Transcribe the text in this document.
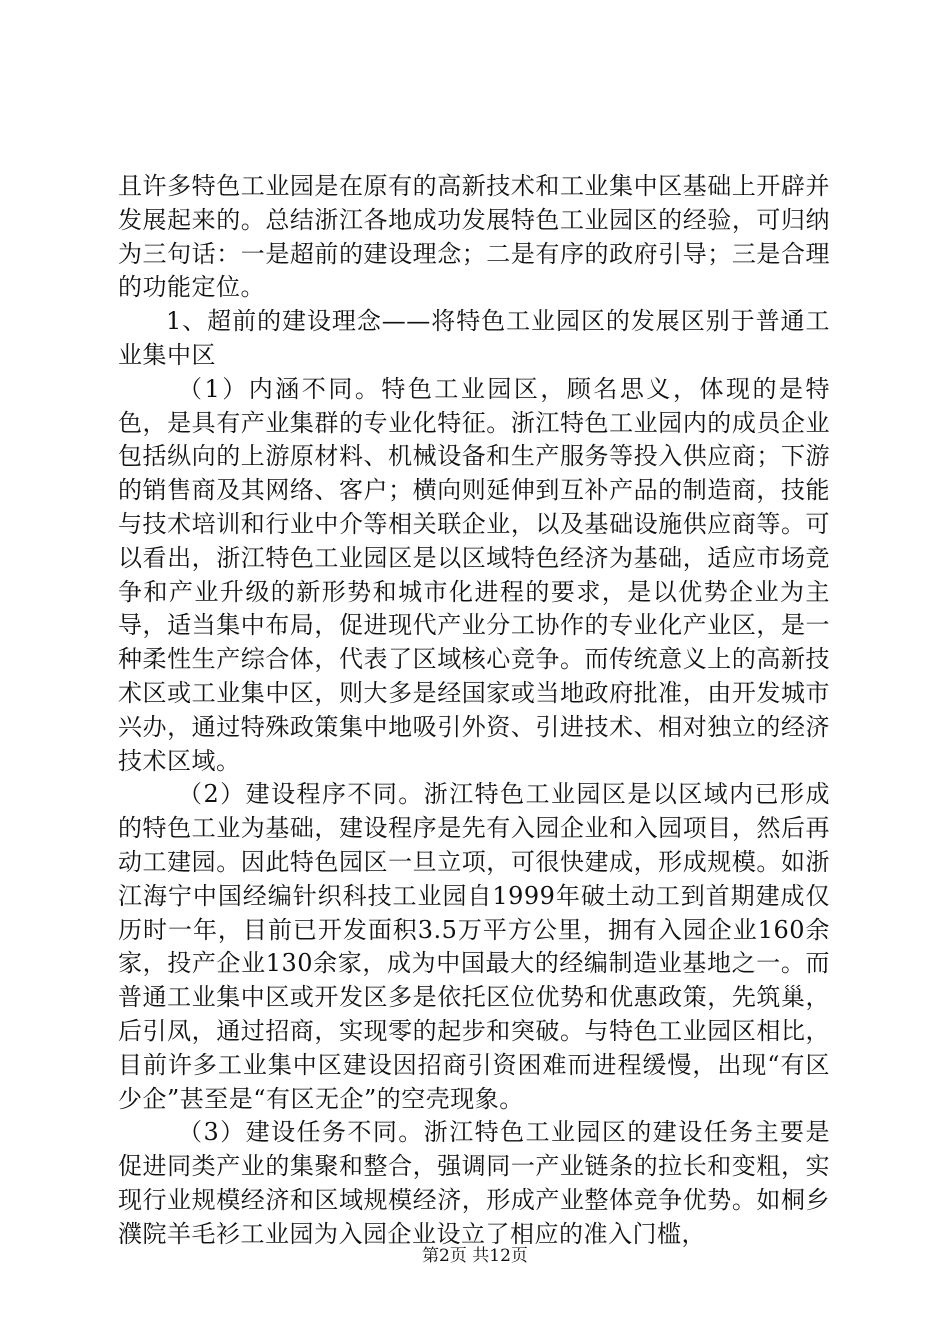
且许多特色工业园是在原有的高新技术和工业集中区基础上开辟并发展起来的。总结浙江各地成功发展特色工业园区的经验，可归纳为三句话：一是超前的建设理念；二是有序的政府引导；三是合理的功能定位。

1、超前的建设理念——将特色工业园区的发展区别于普通工业集中区

（1）内涵不同。特色工业园区，顾名思义，体现的是特色，是具有产业集群的专业化特征。浙江特色工业园内的成员企业包括纵向的上游原材料、机械设备和生产服务等投入供应商；下游的销售商及其网络、客户；横向则延伸到互补产品的制造商，技能与技术培训和行业中介等相关联企业，以及基础设施供应商等。可以看出，浙江特色工业园区是以区域特色经济为基础，适应市场竞争和产业升级的新形势和城市化进程的要求，是以优势企业为主导，适当集中布局，促进现代产业分工协作的专业化产业区，是一种柔性生产综合体，代表了区域核心竞争。而传统意义上的高新技术区或工业集中区，则大多是经国家或当地政府批准，由开发城市兴办，通过特殊政策集中地吸引外资、引进技术、相对独立的经济技术区域。

（2）建设程序不同。浙江特色工业园区是以区域内已形成的特色工业为基础，建设程序是先有入园企业和入园项目，然后再动工建园。因此特色园区一旦立项，可很快建成，形成规模。如浙江海宁中国经编针织科技工业园自1999年破土动工到首期建成仅历时一年，目前已开发面积3.5万平方公里，拥有入园企业160余家，投产企业130余家，成为中国最大的经编制造业基地之一。而普通工业集中区或开发区多是依托区位优势和优惠政策，先筑巢，后引凤，通过招商，实现零的起步和突破。与特色工业园区相比，目前许多工业集中区建设因招商引资困难而进程缓慢，出现“有区少企”甚至是“有区无企”的空壳现象。

（3）建设任务不同。浙江特色工业园区的建设任务主要是促进同类产业的集聚和整合，强调同一产业链条的拉长和变粗，实现行业规模经济和区域规模经济，形成产业整体竞争优势。如桐乡濮院羊毛衫工业园为入园企业设立了相应的准入门槛，

第2页 共12页
